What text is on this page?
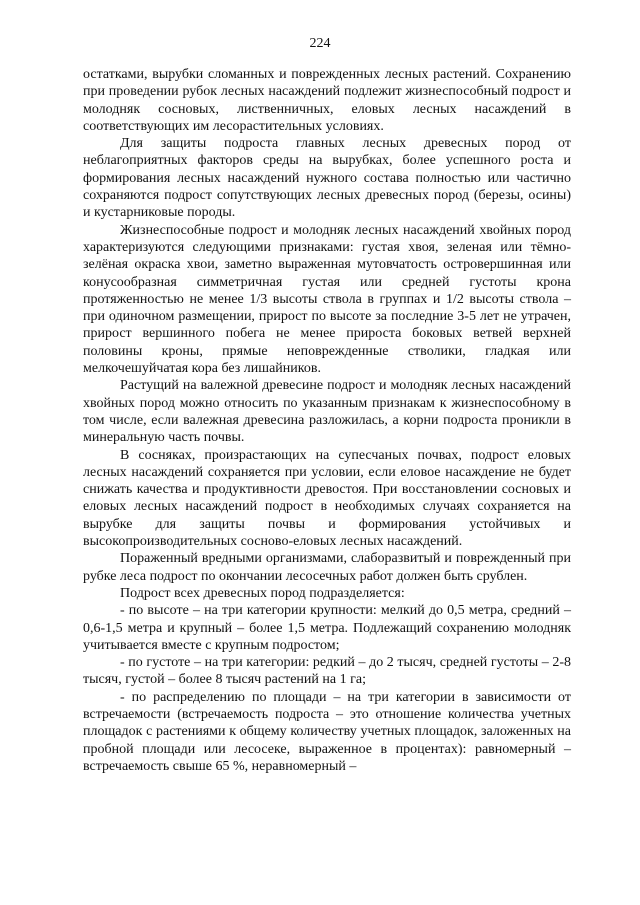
224

остатками, вырубки сломанных и поврежденных лесных растений. Сохранению при проведении рубок лесных насаждений подлежит жизнеспособный подрост и молодняк сосновых, лиственничных, еловых лесных насаждений в соответствующих им лесорастительных условиях.

Для защиты подроста главных лесных древесных пород от неблагоприятных факторов среды на вырубках, более успешного роста и формирования лесных насаждений нужного состава полностью или частично сохраняются подрост сопутствующих лесных древесных пород (березы, осины) и кустарниковые породы.

Жизнеспособные подрост и молодняк лесных насаждений хвойных пород характеризуются следующими признаками: густая хвоя, зеленая или тёмно-зелёная окраска хвои, заметно выраженная мутовчатость островершинная или конусообразная симметричная густая или средней густоты крона протяженностью не менее 1/3 высоты ствола в группах и 1/2 высоты ствола – при одиночном размещении, прирост по высоте за последние 3-5 лет не утрачен, прирост вершинного побега не менее прироста боковых ветвей верхней половины кроны, прямые неповрежденные стволики, гладкая или мелкочешуйчатая кора без лишайников.

Растущий на валежной древесине подрост и молодняк лесных насаждений хвойных пород можно относить по указанным признакам к жизнеспособному в том числе, если валежная древесина разложилась, а корни подроста проникли в минеральную часть почвы.

В сосняках, произрастающих на супесчаных почвах, подрост еловых лесных насаждений сохраняется при условии, если еловое насаждение не будет снижать качества и продуктивности древостоя. При восстановлении сосновых и еловых лесных насаждений подрост в необходимых случаях сохраняется на вырубке для защиты почвы и формирования устойчивых и высокопроизводительных сосново-еловых лесных насаждений.

Пораженный вредными организмами, слаборазвитый и поврежденный при рубке леса подрост по окончании лесосечных работ должен быть срублен.

Подрост всех древесных пород подразделяется:

- по высоте – на три категории крупности: мелкий до 0,5 метра, средний – 0,6-1,5 метра и крупный – более 1,5 метра. Подлежащий сохранению молодняк учитывается вместе с крупным подростом;

- по густоте – на три категории: редкий – до 2 тысяч, средней густоты – 2-8 тысяч, густой – более 8 тысяч растений на 1 га;

- по распределению по площади – на три категории в зависимости от встречаемости (встречаемость подроста – это отношение количества учетных площадок с растениями к общему количеству учетных площадок, заложенных на пробной площади или лесосеке, выраженное в процентах): равномерный – встречаемость свыше 65 %, неравномерный –
